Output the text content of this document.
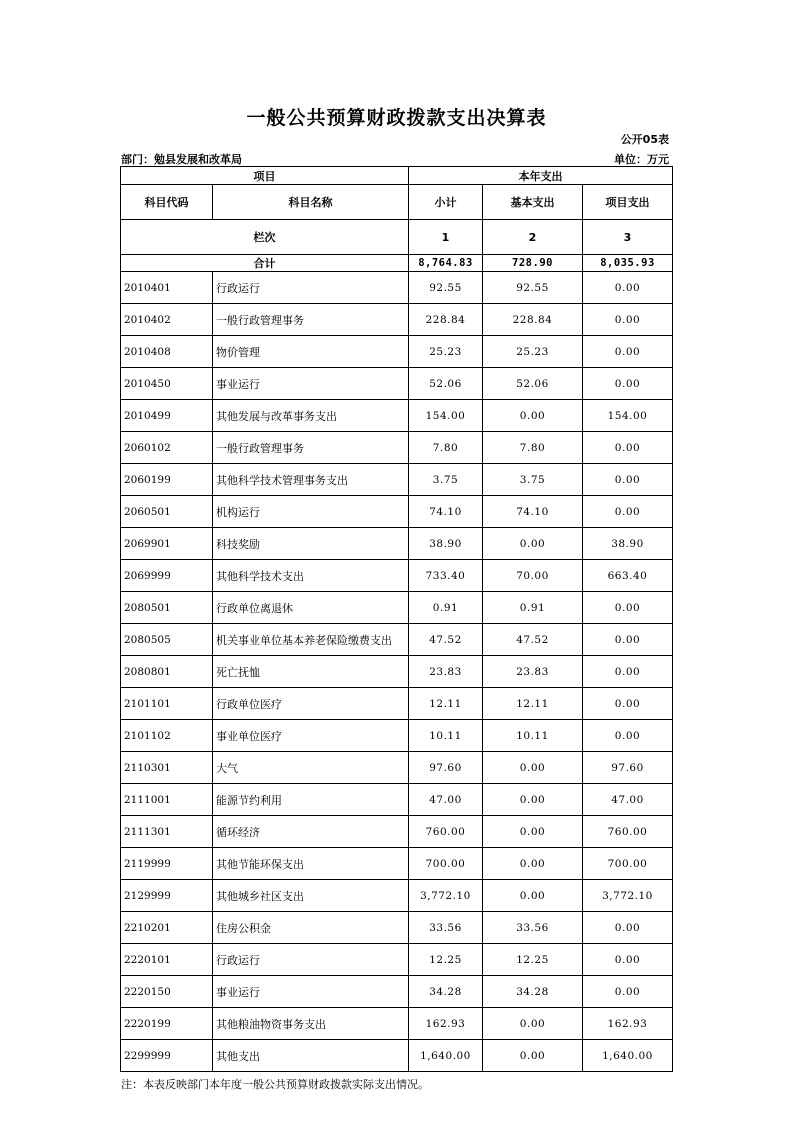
一般公共预算财政拨款支出决算表
公开05表
部门：勉县发展和改革局	单位：万元
项目		本年支出		
科目代码	科目名称	小计	基本支出	项目支出
栏次		1	2	3
合计		8,764.83	728.90	8,035.93
2010401	行政运行	92.55	92.55	0.00
2010402	一般行政管理事务	228.84	228.84	0.00
2010408	物价管理	25.23	25.23	0.00
2010450	事业运行	52.06	52.06	0.00
2010499	其他发展与改革事务支出	154.00	0.00	154.00
2060102	一般行政管理事务	7.80	7.80	0.00
2060199	其他科学技术管理事务支出	3.75	3.75	0.00
2060501	机构运行	74.10	74.10	0.00
2069901	科技奖励	38.90	0.00	38.90
2069999	其他科学技术支出	733.40	70.00	663.40
2080501	行政单位离退休	0.91	0.91	0.00
2080505	机关事业单位基本养老保险缴费支出	47.52	47.52	0.00
2080801	死亡抚恤	23.83	23.83	0.00
2101101	行政单位医疗	12.11	12.11	0.00
2101102	事业单位医疗	10.11	10.11	0.00
2110301	大气	97.60	0.00	97.60
2111001	能源节约利用	47.00	0.00	47.00
2111301	循环经济	760.00	0.00	760.00
2119999	其他节能环保支出	700.00	0.00	700.00
2129999	其他城乡社区支出	3,772.10	0.00	3,772.10
2210201	住房公积金	33.56	33.56	0.00
2220101	行政运行	12.25	12.25	0.00
2220150	事业运行	34.28	34.28	0.00
2220199	其他粮油物资事务支出	162.93	0.00	162.93
2299999	其他支出	1,640.00	0.00	1,640.00
注：本表反映部门本年度一般公共预算财政拨款实际支出情况。
